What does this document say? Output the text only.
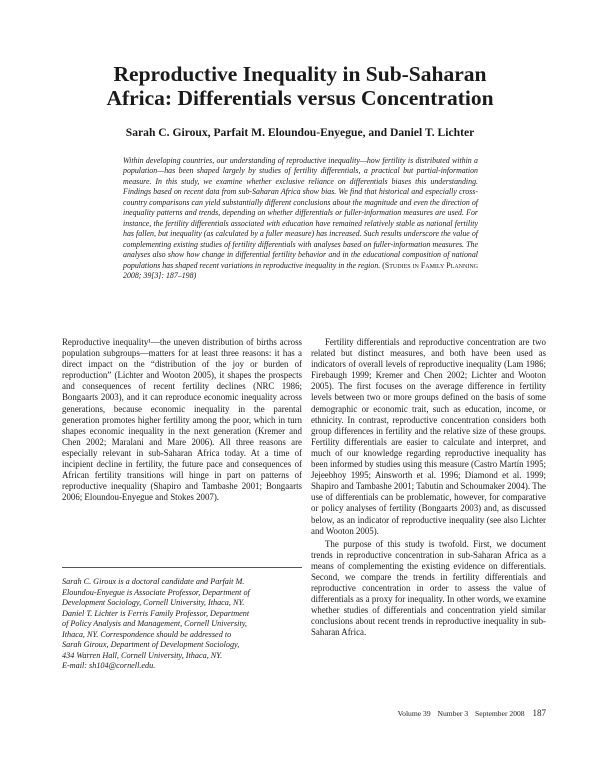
Reproductive Inequality in Sub-Saharan
Africa: Differentials versus Concentration

Sarah C. Giroux, Parfait M. Eloundou-Enyegue, and Daniel T. Lichter

Within developing countries, our understanding of reproductive inequality—how fertility is distributed within a population—has been shaped largely by studies of fertility differentials, a practical but partial-information measure. In this study, we examine whether exclusive reliance on differentials biases this understanding. Findings based on recent data from sub-Saharan Africa show bias. We find that historical and especially cross-country comparisons can yield substantially different conclusions about the magnitude and even the direction of inequality patterns and trends, depending on whether differentials or fuller-information measures are used. For instance, the fertility differentials associated with education have remained relatively stable as national fertility has fallen, but inequality (as calculated by a fuller measure) has increased. Such results underscore the value of complementing existing studies of fertility differentials with analyses based on fuller-information measures. The analyses also show how change in differential fertility behavior and in the educational composition of national populations has shaped recent variations in reproductive inequality in the region. (Studies in Family Planning 2008; 39[3]: 187–198)

Reproductive inequality¹—the uneven distribution of births across population subgroups—matters for at least three reasons: it has a direct impact on the “distribution of the joy or burden of reproduction” (Lichter and Wooton 2005), it shapes the prospects and consequences of recent fertility declines (NRC 1986; Bongaarts 2003), and it can reproduce economic inequality across generations, because economic inequality in the parental generation promotes higher fertility among the poor, which in turn shapes economic inequality in the next generation (Kremer and Chen 2002; Maralani and Mare 2006). All three reasons are especially relevant in sub-Saharan Africa today. At a time of incipient decline in fertility, the future pace and consequences of African fertility transitions will hinge in part on patterns of reproductive inequality (Shapiro and Tambashe 2001; Bongaarts 2006; Eloundou-Enyegue and Stokes 2007).

Sarah C. Giroux is a doctoral candidate and Parfait M.
Eloundou-Enyegue is Associate Professor, Department of
Development Sociology, Cornell University, Ithaca, NY.
Daniel T. Lichter is Ferris Family Professor, Department
of Policy Analysis and Management, Cornell University,
Ithaca, NY. Correspondence should be addressed to
Sarah Giroux, Department of Development Sociology,
434 Warren Hall, Cornell University, Ithaca, NY.
E-mail: sh104@cornell.edu.

Fertility differentials and reproductive concentration are two related but distinct measures, and both have been used as indicators of overall levels of reproductive inequality (Lam 1986; Firebaugh 1999; Kremer and Chen 2002; Lichter and Wooton 2005). The first focuses on the average difference in fertility levels between two or more groups defined on the basis of some demographic or economic trait, such as education, income, or ethnicity. In contrast, reproductive concentration considers both group differences in fertility and the relative size of these groups. Fertility differentials are easier to calculate and interpret, and much of our knowledge regarding reproductive inequality has been informed by studies using this measure (Castro Martín 1995; Jejeebhoy 1995; Ainsworth et al. 1996; Diamond et al. 1999; Shapiro and Tambashe 2001; Tabutin and Schoumaker 2004). The use of differentials can be problematic, however, for comparative or policy analyses of fertility (Bongaarts 2003) and, as discussed below, as an indicator of reproductive inequality (see also Lichter and Wooton 2005).

The purpose of this study is twofold. First, we document trends in reproductive concentration in sub-Saharan Africa as a means of complementing the existing evidence on differentials. Second, we compare the trends in fertility differentials and reproductive concentration in order to assess the value of differentials as a proxy for inequality. In other words, we examine whether studies of differentials and concentration yield similar conclusions about recent trends in reproductive inequality in sub-Saharan Africa.

Volume 39 Number 3 September 2008 187
